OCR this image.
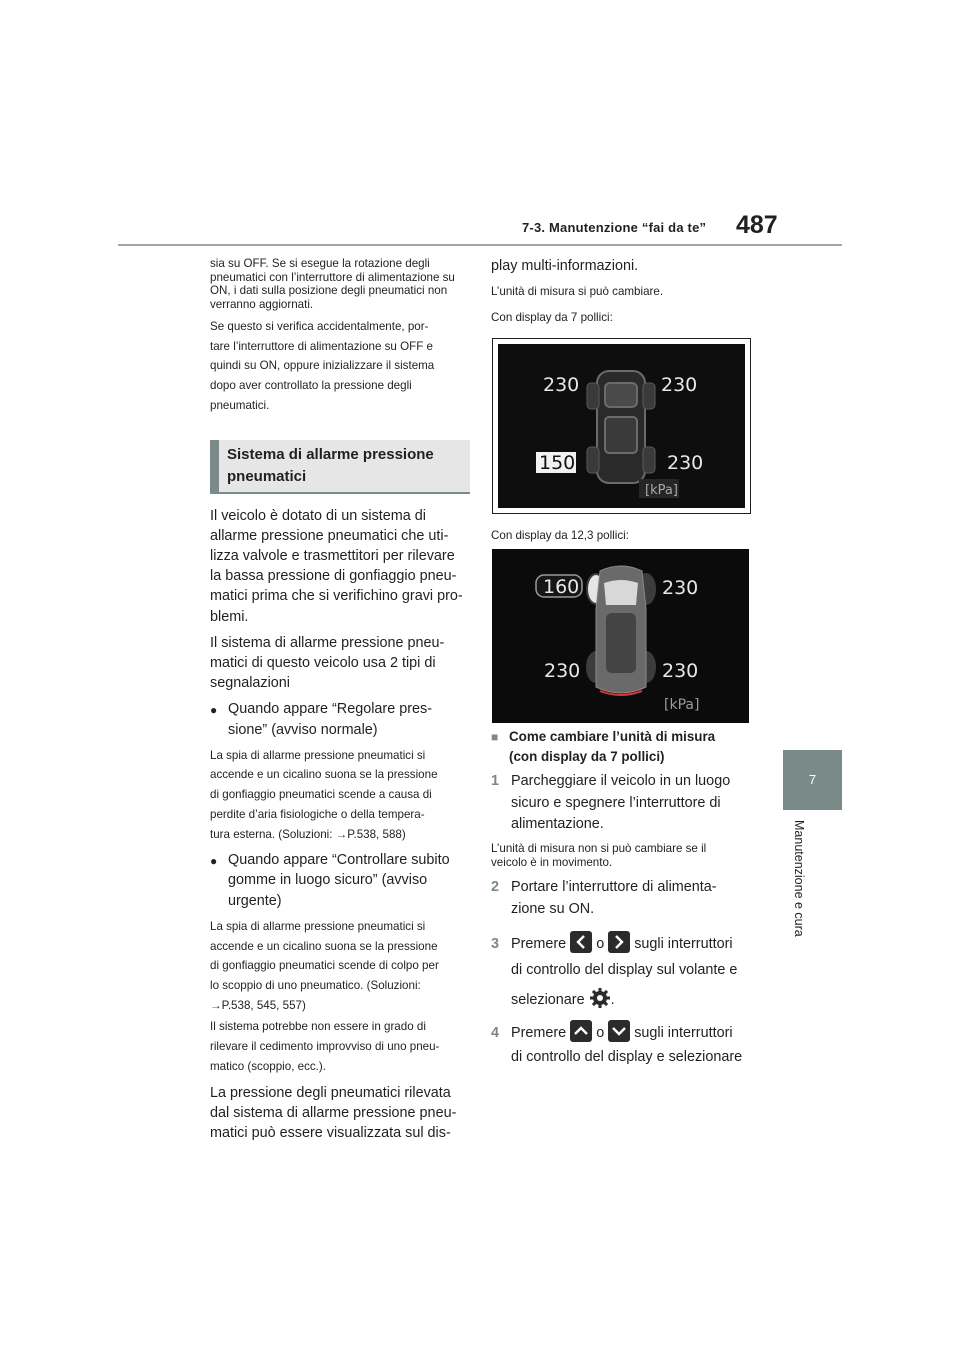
7-3. Manutenzione “fai da te” 487
7
Manutenzione e cura

sia su OFF. Se si esegue la rotazione degli pneumatici con l’interruttore di alimentazione su ON, i dati sulla posizione degli pneumatici non verranno aggiornati.

Se questo si verifica accidentalmente, por-

tare l’interruttore di alimentazione su OFF e

quindi su ON, oppure inizializzare il sistema

dopo aver controllato la pressione degli

pneumatici.

Sistema di allarme pressione pneumatici

Il veicolo è dotato di un sistema di

allarme pressione pneumatici che uti-

lizza valvole e trasmettitori per rilevare

la bassa pressione di gonfiaggio pneu-

matici prima che si verifichino gravi pro-

blemi.

Il sistema di allarme pressione pneu-

matici di questo veicolo usa 2 tipi di

segnalazioni

● Quando appare “Regolare pres-
sione” (avviso normale)

La spia di allarme pressione pneumatici si

accende e un cicalino suona se la pressione

di gonfiaggio pneumatici scende a causa di

perdite d’aria fisiologiche o della tempera-

tura esterna. (Soluzioni: →P.538, 588)

● Quando appare “Controllare subito
gomme in luogo sicuro” (avviso
urgente)

La spia di allarme pressione pneumatici si

accende e un cicalino suona se la pressione

di gonfiaggio pneumatici scende di colpo per

lo scoppio di uno pneumatico. (Soluzioni:

→P.538, 545, 557)

Il sistema potrebbe non essere in grado di

rilevare il cedimento improvviso di uno pneu-

matico (scoppio, ecc.).

La pressione degli pneumatici rilevata

dal sistema di allarme pressione pneu-

matici può essere visualizzata sul dis-

play multi-informazioni.

L’unità di misura si può cambiare.

Con display da 7 pollici:

230	230
150	230
[kPa]

Con display da 12,3 pollici:

160	230
230	230
[kPa]
■ Come cambiare l’unità di misura
(con display da 7 pollici)
1 Parcheggiare il veicolo in un luogo
sicuro e spegnere l’interruttore di
alimentazione.

L’unità di misura non si può cambiare se il

veicolo è in movimento.

2 Portare l’interruttore di alimenta-
zione su ON.
3 Premere o sugli interruttori
di controllo del display sul volante e
selezionare .
4 Premere o sugli interruttori
di controllo del display e selezionare
